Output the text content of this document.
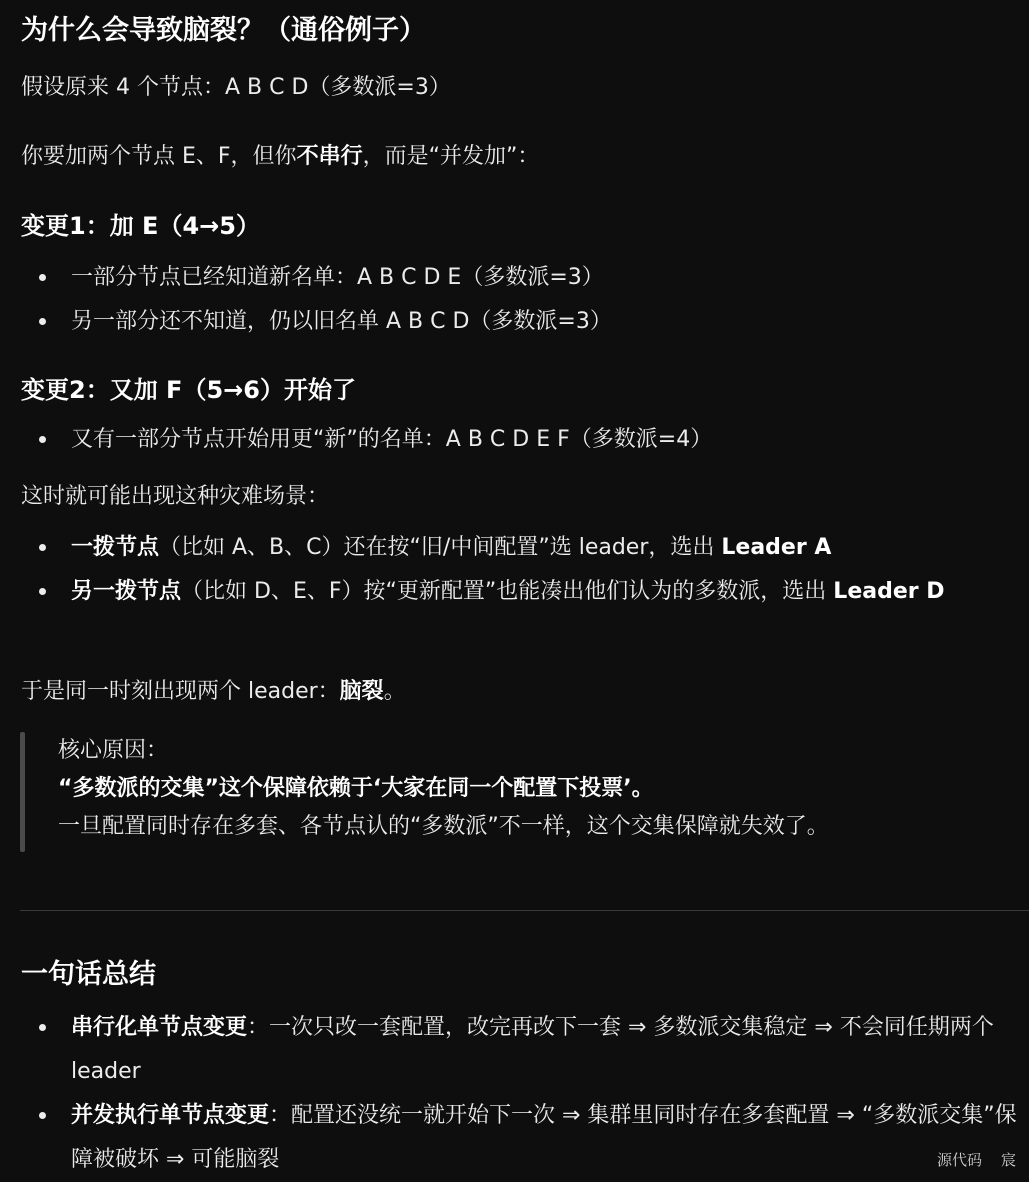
为什么会导致脑裂？（通俗例子）

假设原来 4 个节点：A B C D（多数派=3）

你要加两个节点 E、F，但你不串行，而是“并发加”：

变更1：加 E（4→5）
一部分节点已经知道新名单：A B C D E（多数派=3）
另一部分还不知道，仍以旧名单 A B C D（多数派=3）
变更2：又加 F（5→6）开始了
又有一部分节点开始用更“新”的名单：A B C D E F（多数派=4）

这时就可能出现这种灾难场景：

一拨节点（比如 A、B、C）还在按“旧/中间配置”选 leader，选出 Leader A
另一拨节点（比如 D、E、F）按“更新配置”也能凑出他们认为的多数派，选出 Leader D

于是同一时刻出现两个 leader：脑裂。

核心原因：
“多数派的交集”这个保障依赖于‘大家在同一个配置下投票’。
一旦配置同时存在多套、各节点认的“多数派”不一样，这个交集保障就失效了。
一句话总结
串行化单节点变更：一次只改一套配置，改完再改下一套 ⇒ 多数派交集稳定 ⇒ 不会同任期两个 leader
并发执行单节点变更：配置还没统一就开始下一次 ⇒ 集群里同时存在多套配置 ⇒ “多数派交集”保障被破坏 ⇒ 可能脑裂	源代码 宸
